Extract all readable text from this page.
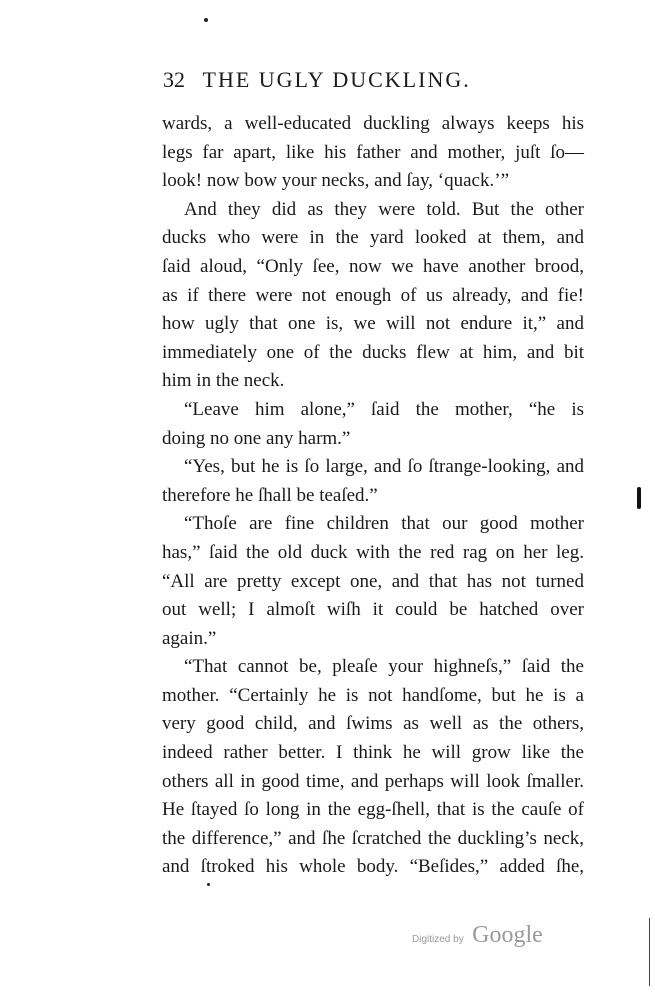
32 THE UGLY DUCKLING.
wards, a well-educated duckling always keeps his
legs far apart, like his father and mother, juſt ſo—
look! now bow your necks, and ſay, ‘quack.’”
And they did as they were told. But the other
ducks who were in the yard looked at them, and
ſaid aloud, “Only ſee, now we have another brood,
as if there were not enough of us already, and fie!
how ugly that one is, we will not endure it,” and
immediately one of the ducks flew at him, and bit
him in the neck.
“Leave him alone,” ſaid the mother, “he is
doing no one any harm.”
“Yes, but he is ſo large, and ſo ſtrange-looking, and
therefore he ſhall be teaſed.”
“Thoſe are fine children that our good mother
has,” ſaid the old duck with the red rag on her leg.
“All are pretty except one, and that has not turned
out well; I almoſt wiſh it could be hatched over
again.”
“That cannot be, pleaſe your highneſs,” ſaid the
mother. “Certainly he is not handſome, but he is a
very good child, and ſwims as well as the others,
indeed rather better. I think he will grow like the
others all in good time, and perhaps will look ſmaller.
He ſtayed ſo long in the egg-ſhell, that is the cauſe of
the difference,” and ſhe ſcratched the duckling’s neck,
and ſtroked his whole body. “Beſides,” added ſhe,
Digitized by Google
